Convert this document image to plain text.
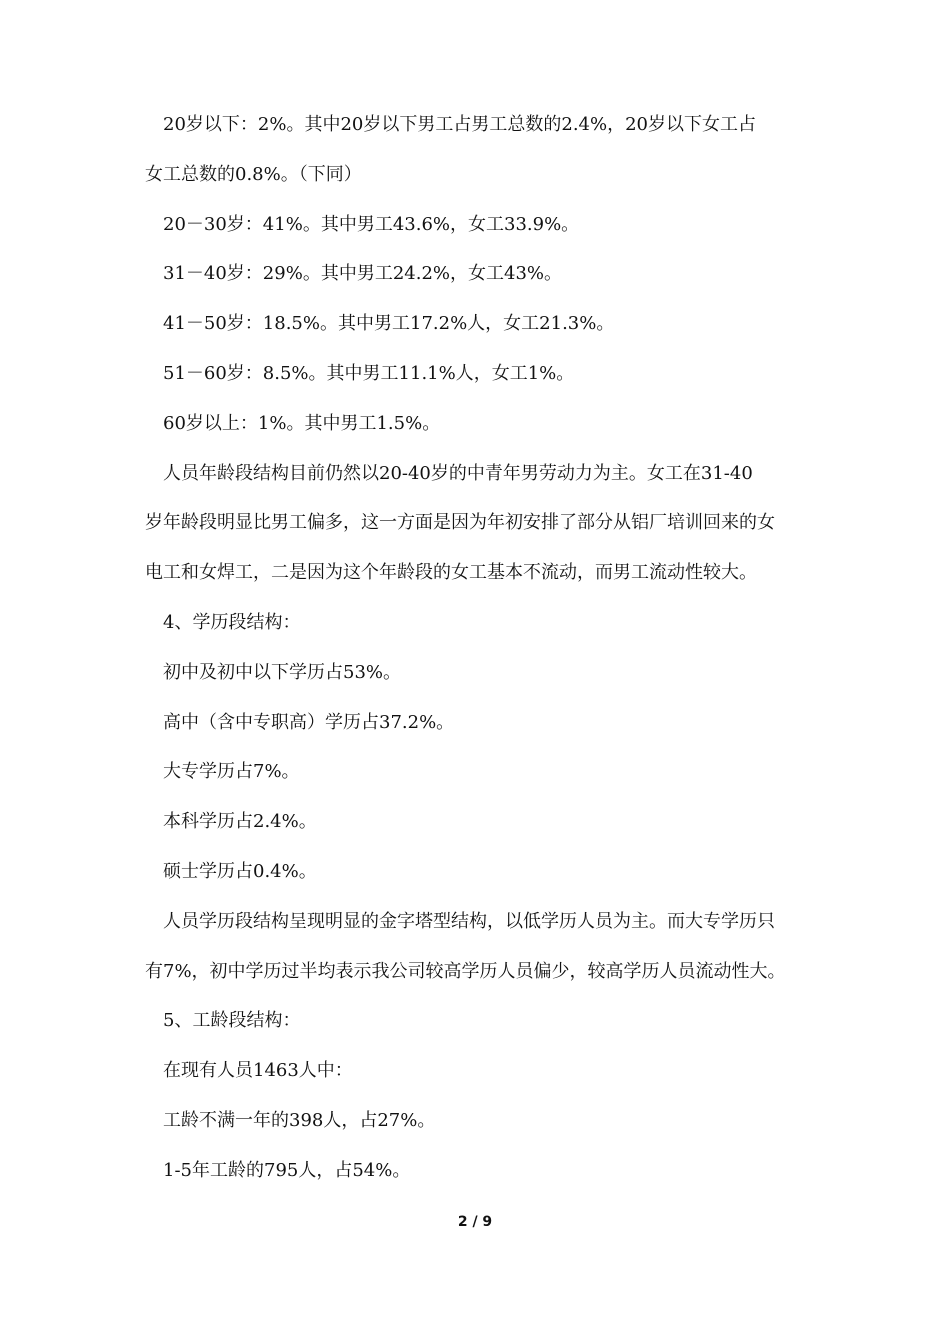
20岁以下：2%。其中20岁以下男工占男工总数的2.4%，20岁以下女工占
女工总数的0.8%。（下同）
20－30岁：41%。其中男工43.6%，女工33.9%。
31－40岁：29%。其中男工24.2%，女工43%。
41－50岁：18.5%。其中男工17.2%人，女工21.3%。
51－60岁：8.5%。其中男工11.1%人，女工1%。
60岁以上：1%。其中男工1.5%。
人员年龄段结构目前仍然以20-40岁的中青年男劳动力为主。女工在31-40
岁年龄段明显比男工偏多，这一方面是因为年初安排了部分从铝厂培训回来的女
电工和女焊工，二是因为这个年龄段的女工基本不流动，而男工流动性较大。
4、学历段结构：
初中及初中以下学历占53%。
高中（含中专职高）学历占37.2%。
大专学历占7%。
本科学历占2.4%。
硕士学历占0.4%。
人员学历段结构呈现明显的金字塔型结构，以低学历人员为主。而大专学历只
有7%，初中学历过半均表示我公司较高学历人员偏少，较高学历人员流动性大。
5、工龄段结构：
在现有人员1463人中：
工龄不满一年的398人，占27%。
1-5年工龄的795人，占54%。
2 / 9
